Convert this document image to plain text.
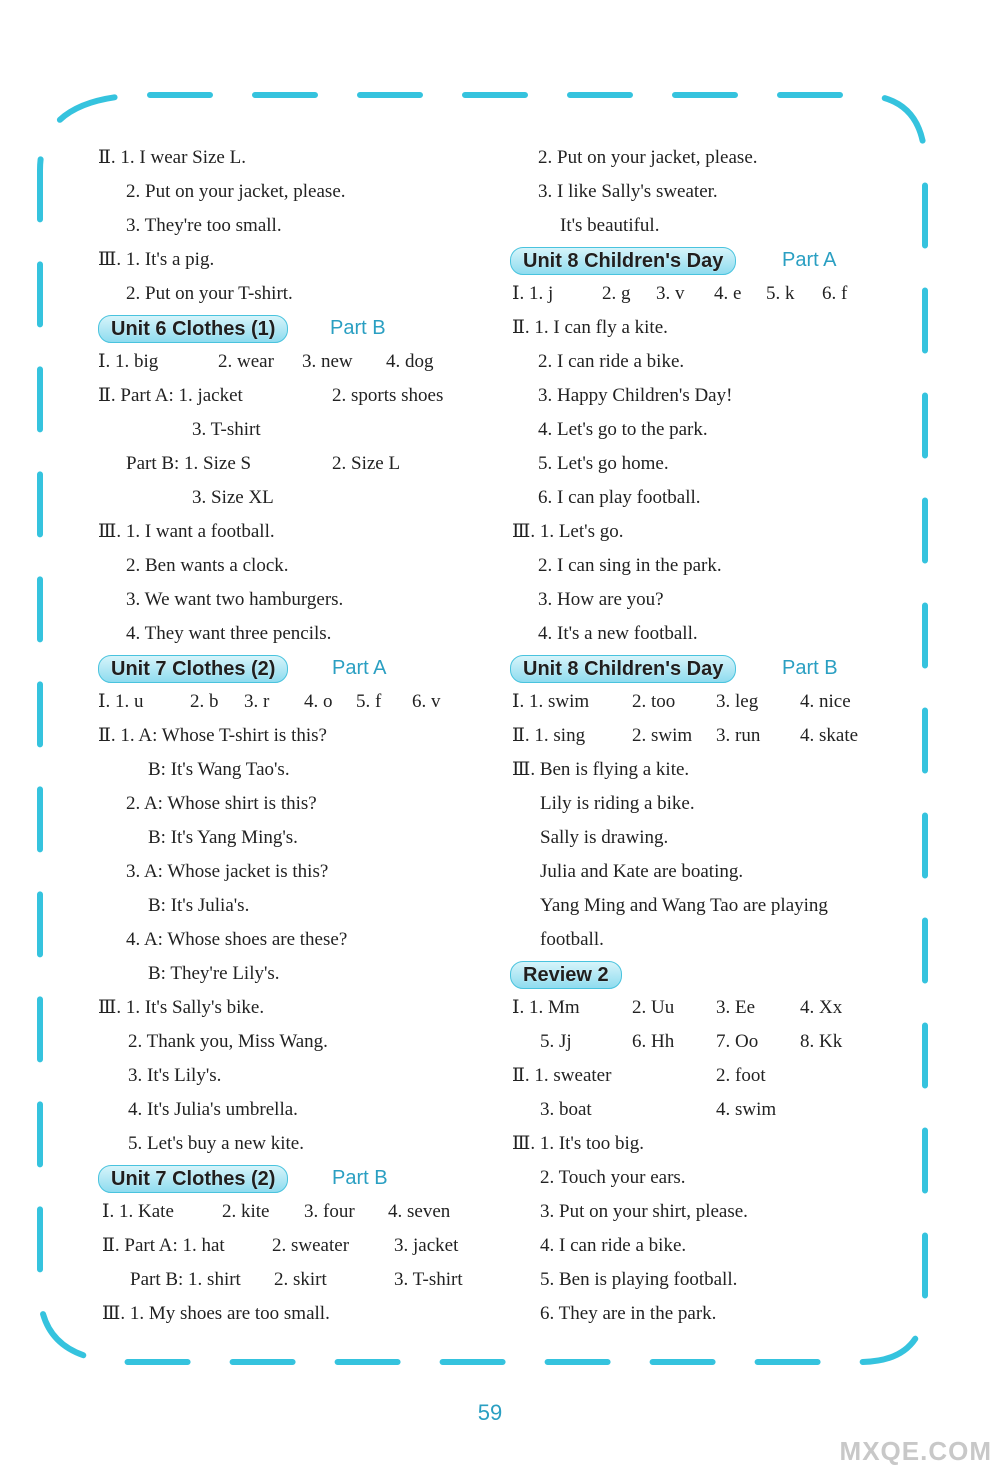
Ⅱ. 1. I wear Size L.
2. Put on your jacket, please.
3. They're too small.
Ⅲ. 1. It's a pig.
2. Put on your T-shirt.
Unit 6 Clothes (1)	Part B
Ⅰ. 1. big	2. wear 3. new 4. dog
Ⅱ. Part A: 1. jacket	2. sports shoes
3. T-shirt
Part B: 1. Size S	2. Size L
3. Size XL
Ⅲ. 1. I want a football.
2. Ben wants a clock.
3. We want two hamburgers.
4. They want three pencils.
Unit 7 Clothes (2)	Part A
Ⅰ. 1. u 2. b 3. r 4. o 5. f 6. v
Ⅱ. 1. A: Whose T-shirt is this?
B: It's Wang Tao's.
2. A: Whose shirt is this?
B: It's Yang Ming's.
3. A: Whose jacket is this?
B: It's Julia's.
4. A: Whose shoes are these?
B: They're Lily's.
Ⅲ. 1. It's Sally's bike.
2. Thank you, Miss Wang.
3. It's Lily's.
4. It's Julia's umbrella.
5. Let's buy a new kite.
Unit 7 Clothes (2)	Part B
Ⅰ. 1. Kate	2. kite 3. four 4. seven
Ⅱ. Part A: 1. hat 2. sweater 3. jacket
Part B: 1. shirt 2. skirt	3. T-shirt
Ⅲ. 1. My shoes are too small.
2. Put on your jacket, please.
3. I like Sally's sweater.
It's beautiful.
Unit 8 Children's Day	Part A
Ⅰ. 1. j	2. g 3. v 4. e 5. k 6. f
Ⅱ. 1. I can fly a kite.
2. I can ride a bike.
3. Happy Children's Day!
4. Let's go to the park.
5. Let's go home.
6. I can play football.
Ⅲ. 1. Let's go.
2. I can sing in the park.
3. How are you?
4. It's a new football.
Unit 8 Children's Day	Part B
Ⅰ. 1. swim 2. too 3. leg 4. nice
Ⅱ. 1. sing 2. swim 3. run 4. skate
Ⅲ. Ben is flying a kite.
Lily is riding a bike.
Sally is drawing.
Julia and Kate are boating.
Yang Ming and Wang Tao are playing
football.
Review 2
Ⅰ. 1. Mm	2. Uu 3. Ee 4. Xx
5. Jj	6. Hh 7. Oo 8. Kk
Ⅱ. 1. sweater	2. foot
3. boat	4. swim
Ⅲ. 1. It's too big.
2. Touch your ears.
3. Put on your shirt, please.
4. I can ride a bike.
5. Ben is playing football.
6. They are in the park.
59
MXQE.COM
